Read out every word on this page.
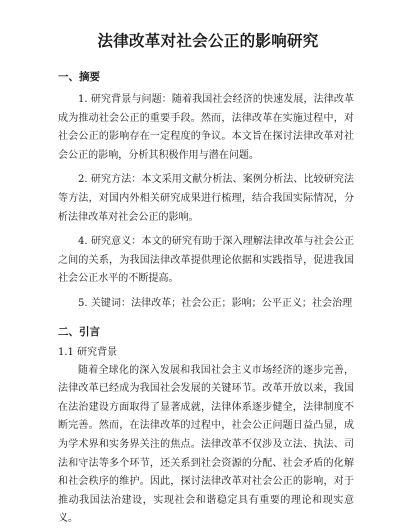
法律改革对社会公正的影响研究
一、摘要

1. 研究背景与问题：随着我国社会经济的快速发展，法律改革成为推动社会公正的重要手段。然而，法律改革在实施过程中，对社会公正的影响存在一定程度的争议。本文旨在探讨法律改革对社会公正的影响，分析其积极作用与潜在问题。

2. 研究方法：本文采用文献分析法、案例分析法、比较研究法等方法，对国内外相关研究成果进行梳理，结合我国实际情况，分析法律改革对社会公正的影响。

4. 研究意义：本文的研究有助于深入理解法律改革与社会公正之间的关系，为我国法律改革提供理论依据和实践指导，促进我国社会公正水平的不断提高。

5. 关键词：法律改革；社会公正；影响；公平正义；社会治理

二、引言

1.1 研究背景

随着全球化的深入发展和我国社会主义市场经济的逐步完善，法律改革已经成为我国社会发展的关键环节。改革开放以来，我国在法治建设方面取得了显著成就，法律体系逐步健全，法律制度不断完善。然而，在法律改革的过程中，社会公正问题日益凸显，成为学术界和实务界关注的焦点。法律改革不仅涉及立法、执法、司法和守法等多个环节，还关系到社会资源的分配、社会矛盾的化解和社会秩序的维护。因此，探讨法律改革对社会公正的影响，对于推动我国法治建设，实现社会和谐稳定具有重要的理论和现实意义。
